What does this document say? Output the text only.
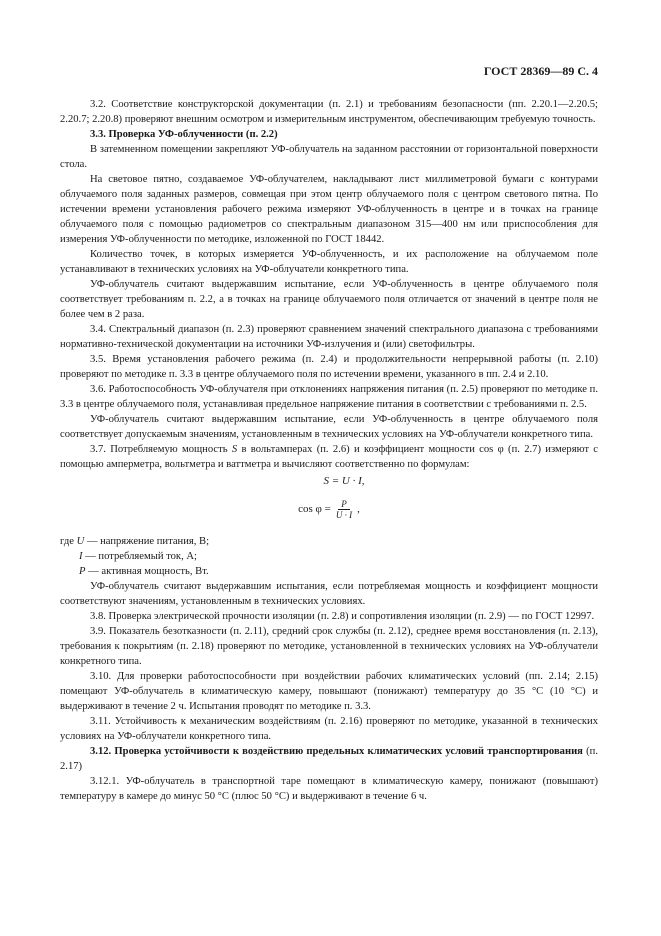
ГОСТ 28369—89 С. 4

3.2. Соответствие конструкторской документации (п. 2.1) и требованиям безопасности (пп. 2.20.1—2.20.5; 2.20.7; 2.20.8) проверяют внешним осмотром и измерительным инструментом, обеспечивающим требуемую точность.

3.3. Проверка УФ-облученности (п. 2.2)

В затемненном помещении закрепляют УФ-облучатель на заданном расстоянии от горизонтальной поверхности стола.

На световое пятно, создаваемое УФ-облучателем, накладывают лист миллиметровой бумаги с контурами облучаемого поля заданных размеров, совмещая при этом центр облучаемого поля с центром светового пятна. По истечении времени установления рабочего режима измеряют УФ-облученность в центре и в точках на границе облучаемого поля с помощью радиометров со спектральным диапазоном 315—400 нм или приспособления для измерения УФ-облученности по методике, изложенной по ГОСТ 18442.

Количество точек, в которых измеряется УФ-облученность, и их расположение на облучаемом поле устанавливают в технических условиях на УФ-облучатели конкретного типа.

УФ-облучатель считают выдержавшим испытание, если УФ-облученность в центре облучаемого поля соответствует требованиям п. 2.2, а в точках на границе облучаемого поля отличается от значений в центре поля не более чем в 2 раза.

3.4. Спектральный диапазон (п. 2.3) проверяют сравнением значений спектрального диапазона с требованиями нормативно-технической документации на источники УФ-излучения и (или) светофильтры.

3.5. Время установления рабочего режима (п. 2.4) и продолжительности непрерывной работы (п. 2.10) проверяют по методике п. 3.3 в центре облучаемого поля по истечении времени, указанного в пп. 2.4 и 2.10.

3.6. Работоспособность УФ-облучателя при отклонениях напряжения питания (п. 2.5) проверяют по методике п. 3.3 в центре облучаемого поля, устанавливая предельное напряжение питания в соответствии с требованиями п. 2.5.

УФ-облучатель считают выдержавшим испытание, если УФ-облученность в центре облучаемого поля соответствует допускаемым значениям, установленным в технических условиях на УФ-облучатели конкретного типа.

3.7. Потребляемую мощность S в вольтамперах (п. 2.6) и коэффициент мощности cos φ (п. 2.7) измеряют с помощью амперметра, вольтметра и ваттметра и вычисляют соответственно по формулам:

S = U · I,

$\cos \varphi = \frac{P}{U \cdot I}$ ,

где U — напряжение питания, В;

I — потребляемый ток, А;

P — активная мощность, Вт.

УФ-облучатель считают выдержавшим испытания, если потребляемая мощность и коэффициент мощности соответствуют значениям, установленным в технических условиях.

3.8. Проверка электрической прочности изоляции (п. 2.8) и сопротивления изоляции (п. 2.9) — по ГОСТ 12997.

3.9. Показатель безотказности (п. 2.11), средний срок службы (п. 2.12), среднее время восстановления (п. 2.13), требования к покрытиям (п. 2.18) проверяют по методике, установленной в технических условиях на УФ-облучатели конкретного типа.

3.10. Для проверки работоспособности при воздействии рабочих климатических условий (пп. 2.14; 2.15) помещают УФ-облучатель в климатическую камеру, повышают (понижают) температуру до 35 °С (10 °С) и выдерживают в течение 2 ч. Испытания проводят по методике п. 3.3.

3.11. Устойчивость к механическим воздействиям (п. 2.16) проверяют по методике, указанной в технических условиях на УФ-облучатели конкретного типа.

3.12. Проверка устойчивости к воздействию предельных климатических условий транспортирования (п. 2.17)

3.12.1. УФ-облучатель в транспортной таре помещают в климатическую камеру, понижают (повышают) температуру в камере до минус 50 °С (плюс 50 °С) и выдерживают в течение 6 ч.
